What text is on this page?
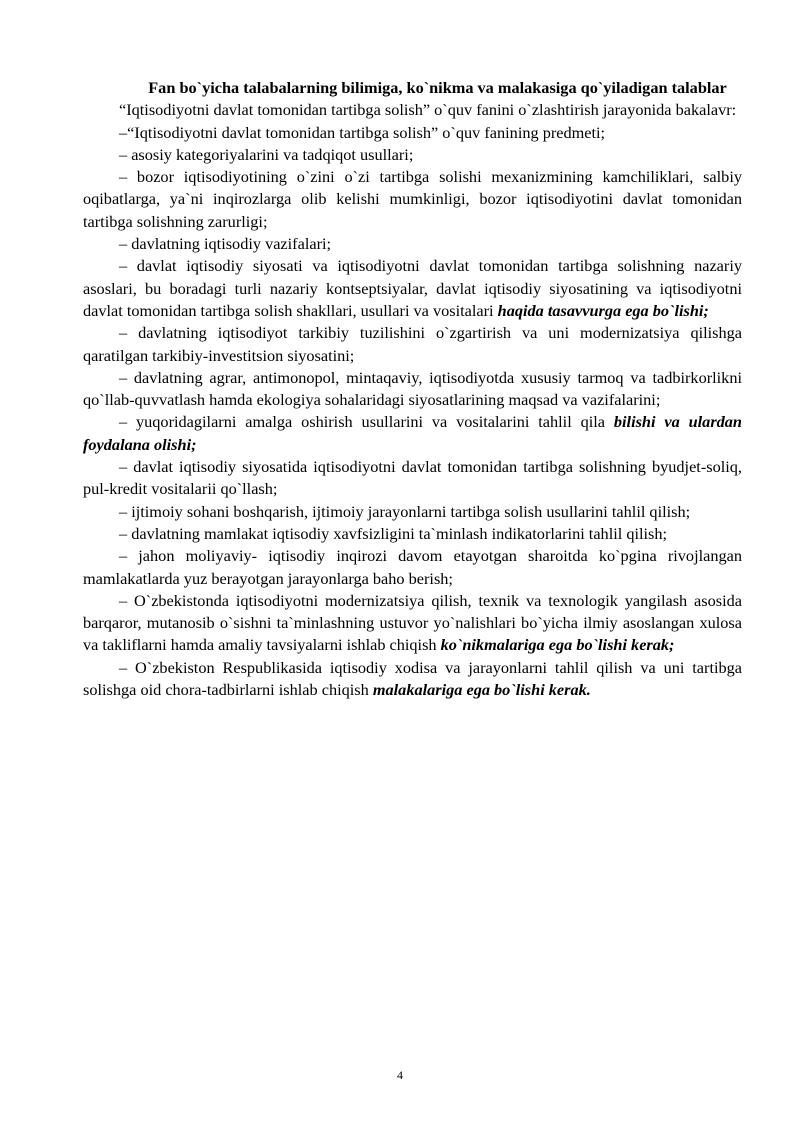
Fan bo`yicha talabalarning bilimiga, ko`nikma va malakasiga qo`yiladigan talablar

“Iqtisodiyotni davlat tomonidan tartibga solish” o`quv fanini o`zlashtirish jarayonida bakalavr:

–“Iqtisodiyotni davlat tomonidan tartibga solish” o`quv fanining predmeti;

– asosiy kategoriyalarini va tadqiqot usullari;

– bozor iqtisodiyotining o`zini o`zi tartibga solishi mexanizmining kamchiliklari, salbiy oqibatlarga, ya`ni inqirozlarga olib kelishi mumkinligi, bozor iqtisodiyotini davlat tomonidan tartibga solishning zarurligi;

– davlatning iqtisodiy vazifalari;

– davlat iqtisodiy siyosati va iqtisodiyotni davlat tomonidan tartibga solishning nazariy asoslari, bu boradagi turli nazariy kontseptsiyalar, davlat iqtisodiy siyosatining va iqtisodiyotni davlat tomonidan tartibga solish shakllari, usullari va vositalari haqida tasavvurga ega bo`lishi;

– davlatning iqtisodiyot tarkibiy tuzilishini o`zgartirish va uni modernizatsiya qilishga qaratilgan tarkibiy-investitsion siyosatini;

– davlatning agrar, antimonopol, mintaqaviy, iqtisodiyotda xususiy tarmoq va tadbirkorlikni qo`llab-quvvatlash hamda ekologiya sohalaridagi siyosatlarining maqsad va vazifalarini;

– yuqoridagilarni amalga oshirish usullarini va vositalarini tahlil qila bilishi va ulardan foydalana olishi;

– davlat iqtisodiy siyosatida iqtisodiyotni davlat tomonidan tartibga solishning byudjet-soliq, pul-kredit vositalarii qo`llash;

– ijtimoiy sohani boshqarish, ijtimoiy jarayonlarni tartibga solish usullarini tahlil qilish;

– davlatning mamlakat iqtisodiy xavfsizligini ta`minlash indikatorlarini tahlil qilish;

– jahon moliyaviy- iqtisodiy inqirozi davom etayotgan sharoitda ko`pgina rivojlangan mamlakatlarda yuz berayotgan jarayonlarga baho berish;

– O`zbekistonda iqtisodiyotni modernizatsiya qilish, texnik va texnologik yangilash asosida barqaror, mutanosib o`sishni ta`minlashning ustuvor yo`nalishlari bo`yicha ilmiy asoslangan xulosa va takliflarni hamda amaliy tavsiyalarni ishlab chiqish ko`nikmalariga ega bo`lishi kerak;

– O`zbekiston Respublikasida iqtisodiy xodisa va jarayonlarni tahlil qilish va uni tartibga solishga oid chora-tadbirlarni ishlab chiqish malakalariga ega bo`lishi kerak.

4
